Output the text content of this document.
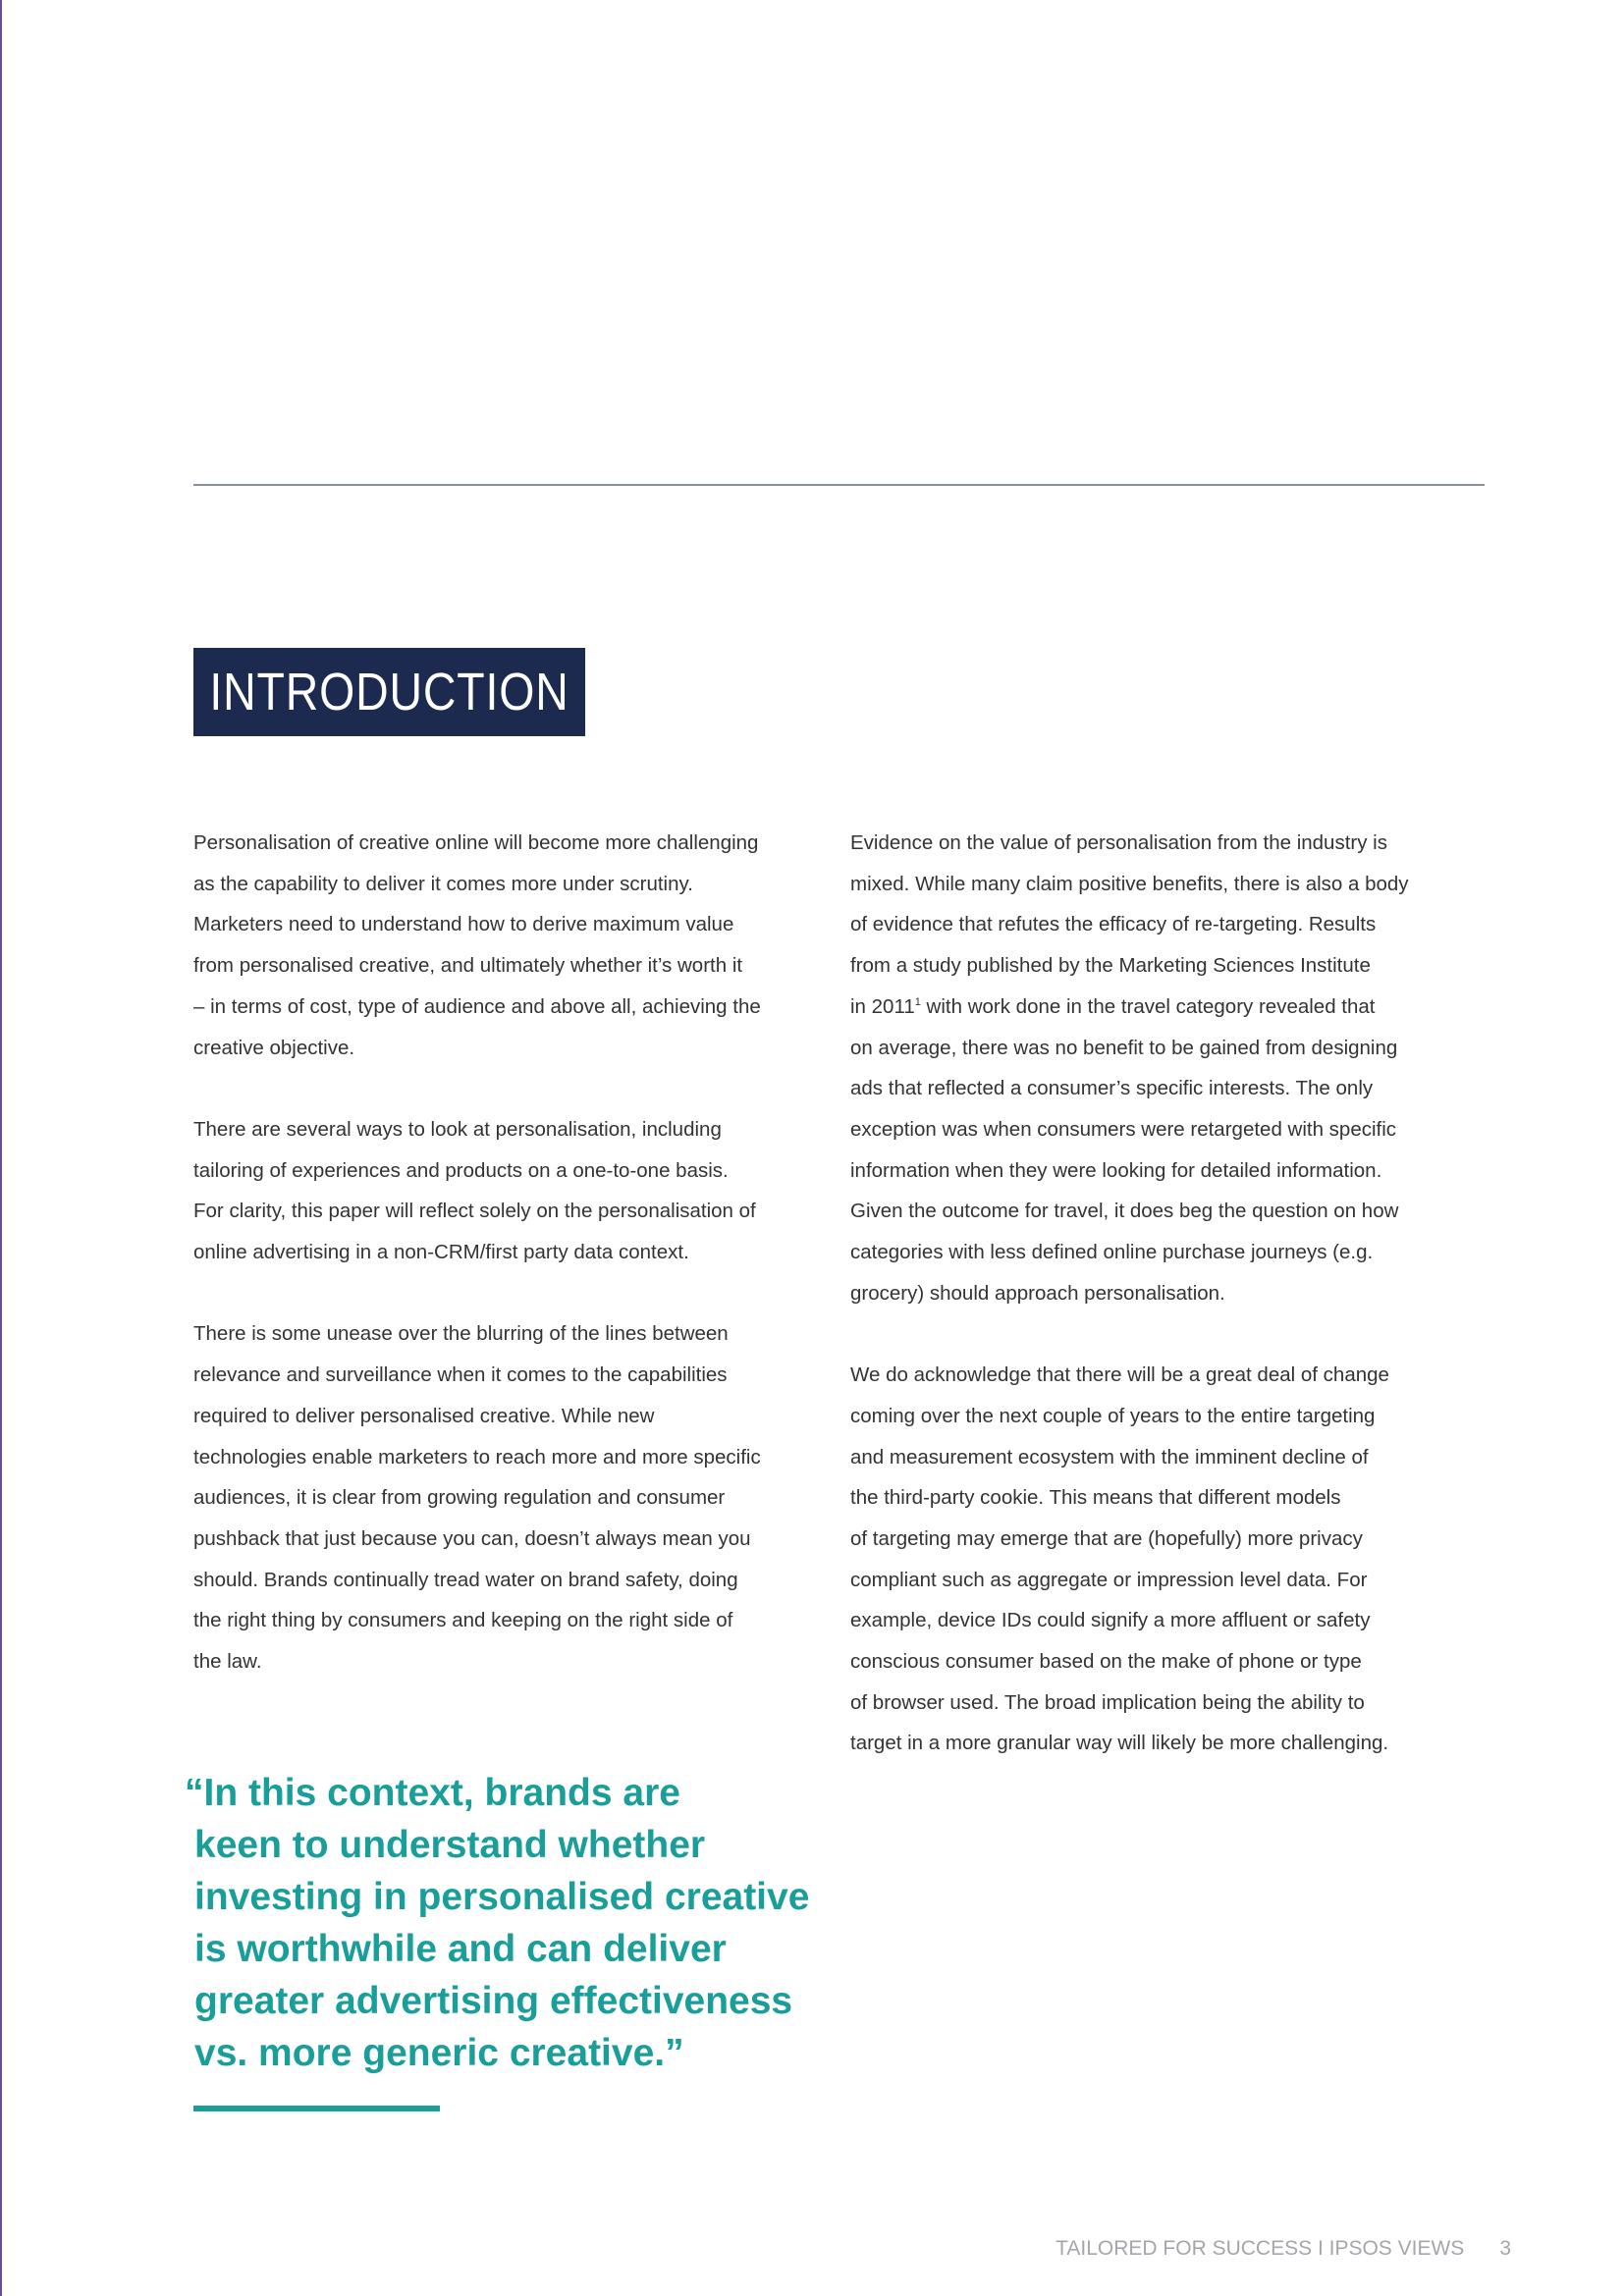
INTRODUCTION

Personalisation of creative online will become more challenging
as the capability to deliver it comes more under scrutiny.
Marketers need to understand how to derive maximum value
from personalised creative, and ultimately whether it’s worth it
– in terms of cost, type of audience and above all, achieving the
creative objective.

There are several ways to look at personalisation, including
tailoring of experiences and products on a one-to-one basis.
For clarity, this paper will reflect solely on the personalisation of
online advertising in a non-CRM/first party data context.

There is some unease over the blurring of the lines between
relevance and surveillance when it comes to the capabilities
required to deliver personalised creative. While new
technologies enable marketers to reach more and more specific
audiences, it is clear from growing regulation and consumer
pushback that just because you can, doesn’t always mean you
should. Brands continually tread water on brand safety, doing
the right thing by consumers and keeping on the right side of
the law.

Evidence on the value of personalisation from the industry is
mixed. While many claim positive benefits, there is also a body
of evidence that refutes the efficacy of re-targeting. Results
from a study published by the Marketing Sciences Institute
in 2011$^1$ with work done in the travel category revealed that
on average, there was no benefit to be gained from designing
ads that reflected a consumer’s specific interests. The only
exception was when consumers were retargeted with specific
information when they were looking for detailed information.
Given the outcome for travel, it does beg the question on how
categories with less defined online purchase journeys (e.g.
grocery) should approach personalisation.

We do acknowledge that there will be a great deal of change
coming over the next couple of years to the entire targeting
and measurement ecosystem with the imminent decline of
the third-party cookie. This means that different models
of targeting may emerge that are (hopefully) more privacy
compliant such as aggregate or impression level data. For
example, device IDs could signify a more affluent or safety
conscious consumer based on the make of phone or type
of browser used. The broad implication being the ability to
target in a more granular way will likely be more challenging.

“In this context, brands are
keen to understand whether
investing in personalised creative
is worthwhile and can deliver
greater advertising effectiveness
vs. more generic creative.”
TAILORED FOR SUCCESS I IPSOS VIEWS 3
